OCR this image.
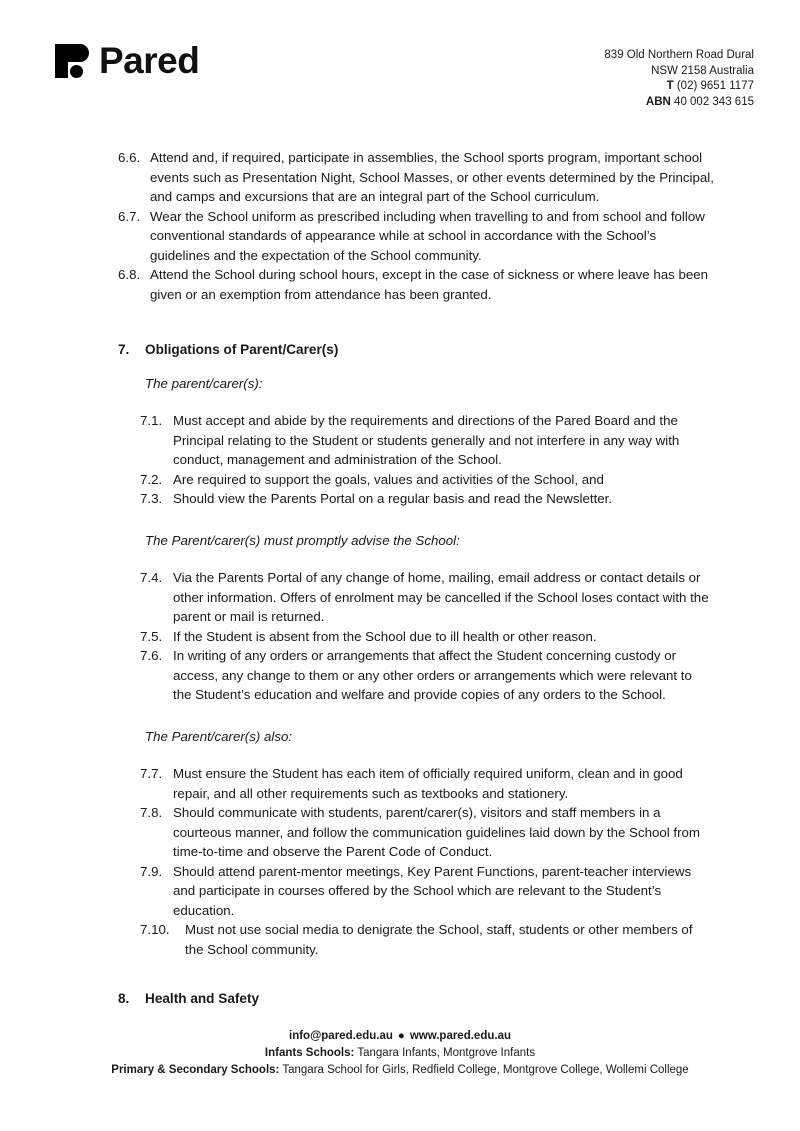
Pared	839 Old Northern Road Dural
NSW 2158 Australia
T (02) 9651 1177
ABN 40 002 343 615
6.6. Attend and, if required, participate in assemblies, the School sports program, important school events such as Presentation Night, School Masses, or other events determined by the Principal, and camps and excursions that are an integral part of the School curriculum.
6.7. Wear the School uniform as prescribed including when travelling to and from school and follow conventional standards of appearance while at school in accordance with the School’s guidelines and the expectation of the School community.
6.8. Attend the School during school hours, except in the case of sickness or where leave has been given or an exemption from attendance has been granted.
7.	Obligations of Parent/Carer(s)
The parent/carer(s):
7.1. Must accept and abide by the requirements and directions of the Pared Board and the Principal relating to the Student or students generally and not interfere in any way with conduct, management and administration of the School.
7.2. Are required to support the goals, values and activities of the School, and
7.3. Should view the Parents Portal on a regular basis and read the Newsletter.
The Parent/carer(s) must promptly advise the School:
7.4. Via the Parents Portal of any change of home, mailing, email address or contact details or other information. Offers of enrolment may be cancelled if the School loses contact with the parent or mail is returned.
7.5. If the Student is absent from the School due to ill health or other reason.
7.6. In writing of any orders or arrangements that affect the Student concerning custody or access, any change to them or any other orders or arrangements which were relevant to the Student’s education and welfare and provide copies of any orders to the School.
The Parent/carer(s) also:
7.7. Must ensure the Student has each item of officially required uniform, clean and in good repair, and all other requirements such as textbooks and stationery.
7.8. Should communicate with students, parent/carer(s), visitors and staff members in a courteous manner, and follow the communication guidelines laid down by the School from time-to-time and observe the Parent Code of Conduct.
7.9. Should attend parent-mentor meetings, Key Parent Functions, parent-teacher interviews and participate in courses offered by the School which are relevant to the Student’s education.
7.10.	Must not use social media to denigrate the School, staff, students or other members of the School community.
8.	Health and Safety
info@pared.edu.au ● www.pared.edu.au
Infants Schools: Tangara Infants, Montgrove Infants
Primary & Secondary Schools: Tangara School for Girls, Redfield College, Montgrove College, Wollemi College
